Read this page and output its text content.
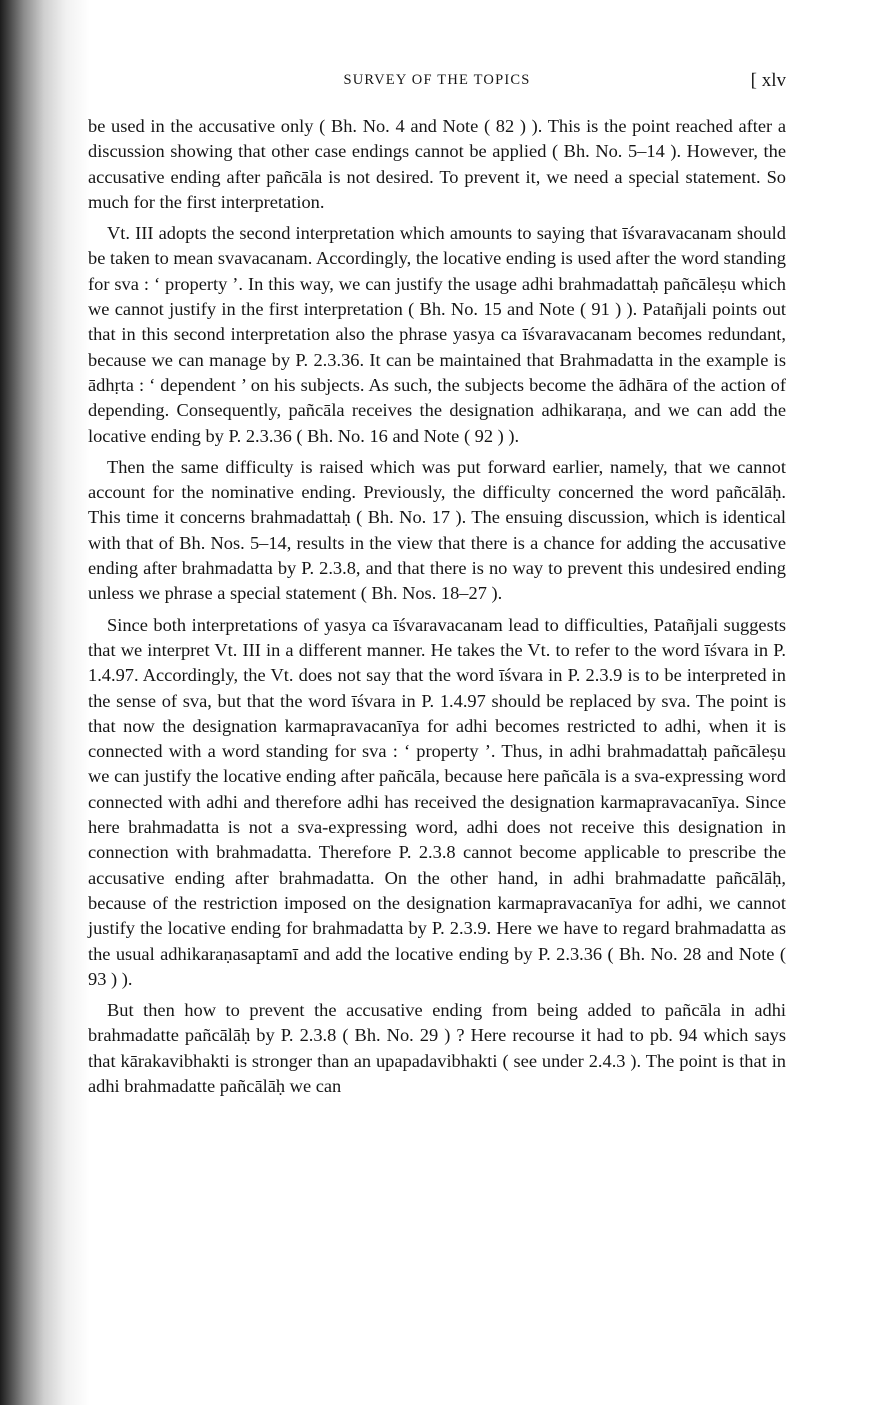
SURVEY OF THE TOPICS	[ xlv

be used in the accusative only ( Bh. No. 4 and Note ( 82 ) ). This is the point reached after a discussion showing that other case endings cannot be applied ( Bh. No. 5–14 ). However, the accusative ending after pañcāla is not desired. To prevent it, we need a special statement. So much for the first interpretation.

Vt. III adopts the second interpretation which amounts to saying that īśvaravacanam should be taken to mean svavacanam. Accordingly, the locative ending is used after the word standing for sva : ‘ property ’. In this way, we can justify the usage adhi brahmadattaḥ pañcāleṣu which we cannot justify in the first interpretation ( Bh. No. 15 and Note ( 91 ) ). Patañjali points out that in this second interpretation also the phrase yasya ca īśvaravacanam becomes redundant, because we can manage by P. 2.3.36. It can be maintained that Brahmadatta in the example is ādhṛta : ‘ dependent ’ on his subjects. As such, the subjects become the ādhāra of the action of depending. Consequently, pañcāla receives the designation adhikaraṇa, and we can add the locative ending by P. 2.3.36 ( Bh. No. 16 and Note ( 92 ) ).

Then the same difficulty is raised which was put forward earlier, namely, that we cannot account for the nominative ending. Previously, the difficulty concerned the word pañcālāḥ. This time it concerns brahmadattaḥ ( Bh. No. 17 ). The ensuing discussion, which is identical with that of Bh. Nos. 5–14, results in the view that there is a chance for adding the accusative ending after brahmadatta by P. 2.3.8, and that there is no way to prevent this undesired ending unless we phrase a special statement ( Bh. Nos. 18–27 ).

Since both interpretations of yasya ca īśvaravacanam lead to difficulties, Patañjali suggests that we interpret Vt. III in a different manner. He takes the Vt. to refer to the word īśvara in P. 1.4.97. Accordingly, the Vt. does not say that the word īśvara in P. 2.3.9 is to be interpreted in the sense of sva, but that the word īśvara in P. 1.4.97 should be replaced by sva. The point is that now the designation karmapravacanīya for adhi becomes restricted to adhi, when it is connected with a word standing for sva : ‘ property ’. Thus, in adhi brahmadattaḥ pañcāleṣu we can justify the locative ending after pañcāla, because here pañcāla is a sva-expressing word connected with adhi and therefore adhi has received the designation karmapravacanīya. Since here brahmadatta is not a sva-expressing word, adhi does not receive this designation in connection with brahmadatta. Therefore P. 2.3.8 cannot become applicable to prescribe the accusative ending after brahmadatta. On the other hand, in adhi brahmadatte pañcālāḥ, because of the restriction imposed on the designation karmapravacanīya for adhi, we cannot justify the locative ending for brahmadatta by P. 2.3.9. Here we have to regard brahmadatta as the usual adhikaraṇasaptamī and add the locative ending by P. 2.3.36 ( Bh. No. 28 and Note ( 93 ) ).

But then how to prevent the accusative ending from being added to pañcāla in adhi brahmadatte pañcālāḥ by P. 2.3.8 ( Bh. No. 29 ) ? Here recourse it had to pb. 94 which says that kārakavibhakti is stronger than an upapadavibhakti ( see under 2.4.3 ). The point is that in adhi brahmadatte pañcālāḥ we can
